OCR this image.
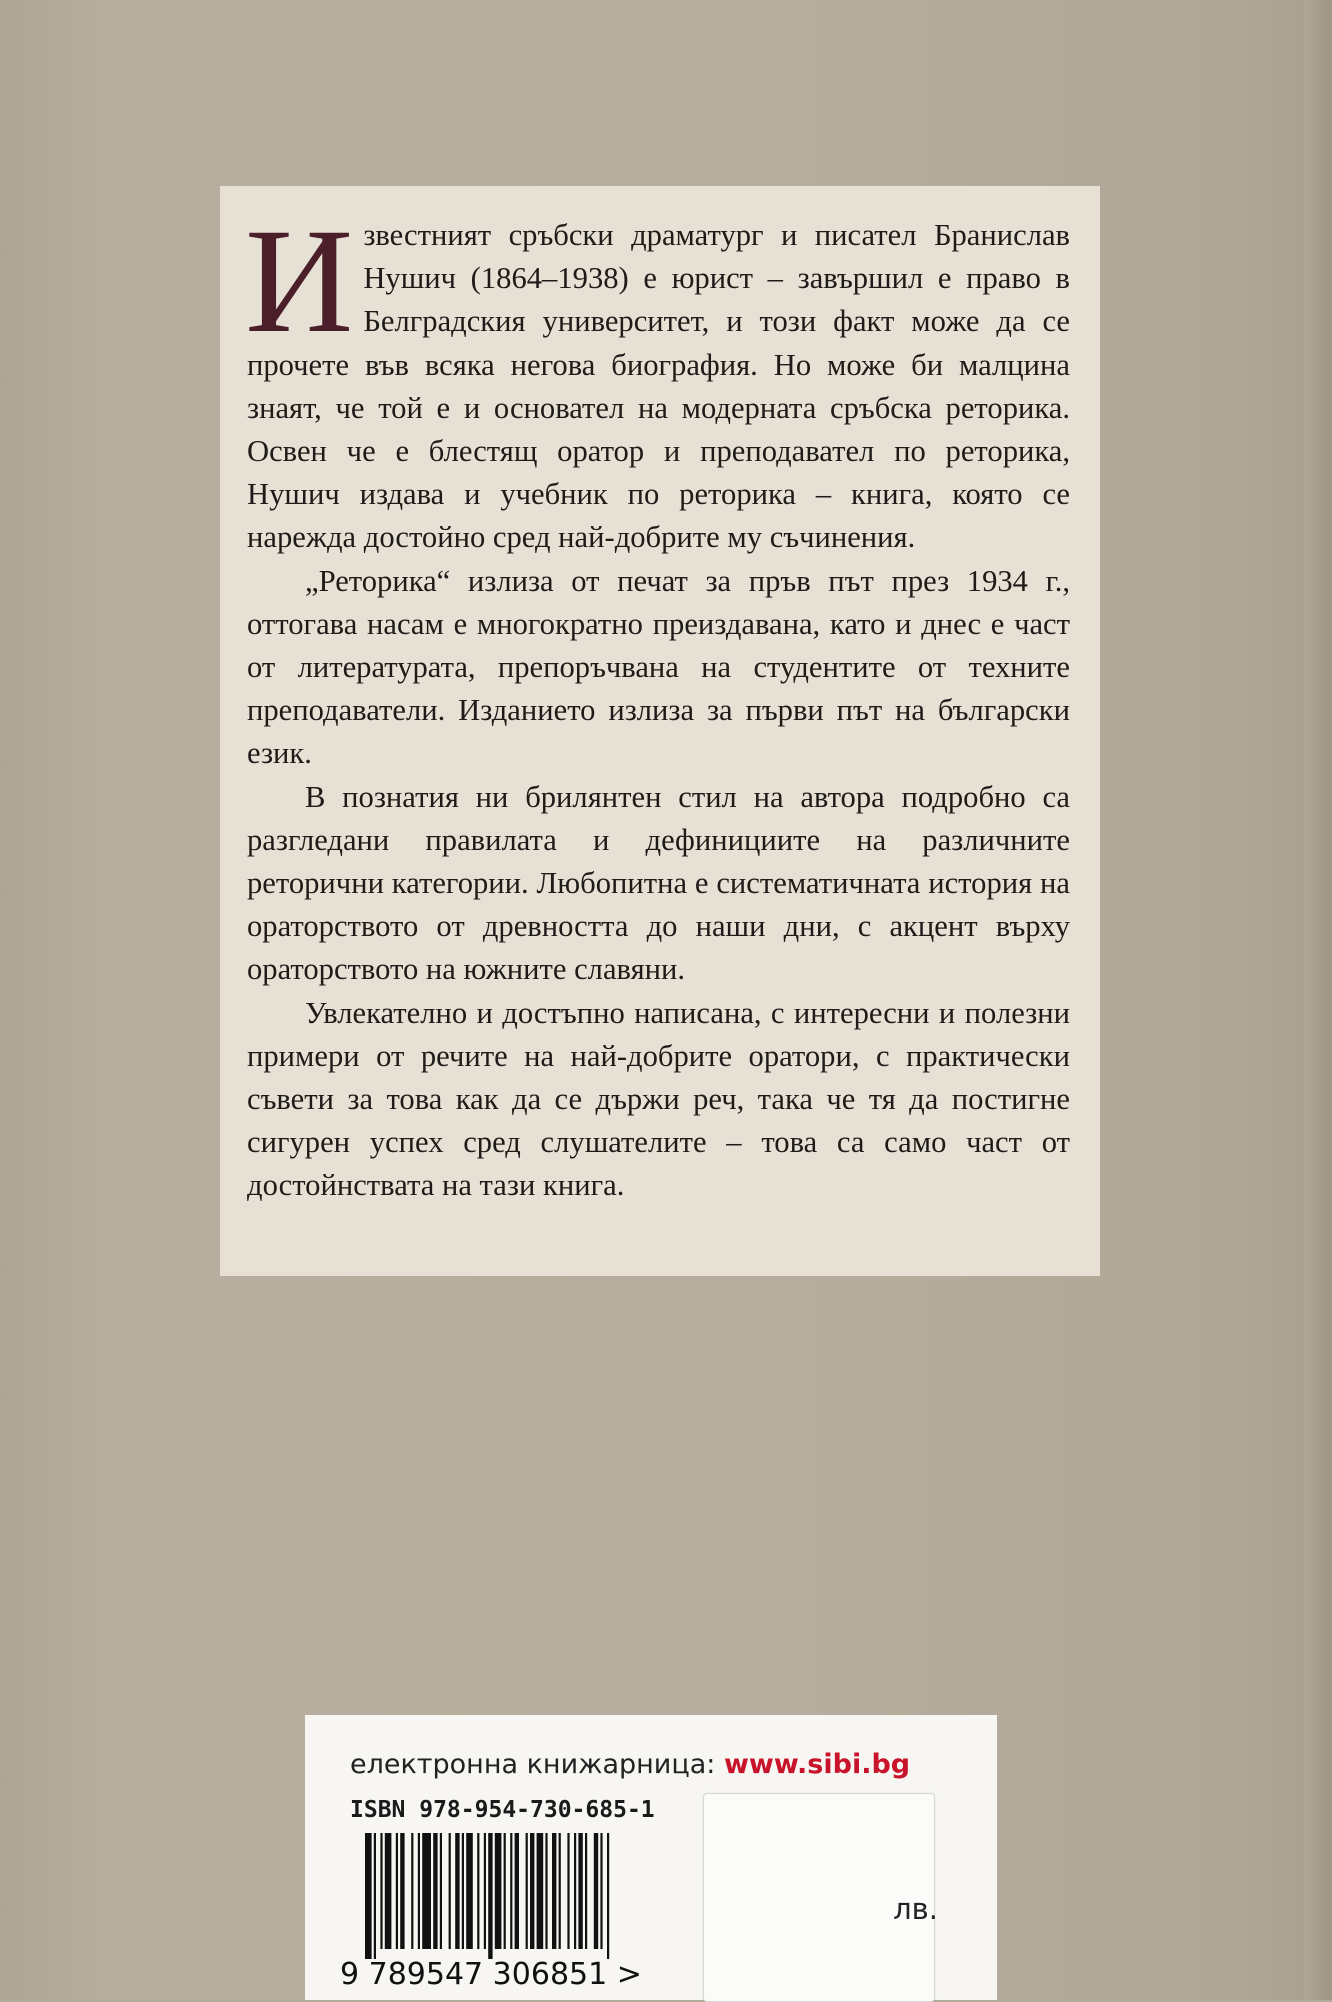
И звестният сръбски драматург и писател Бранислав Нушич (1864–1938) е юрист – завършил е право в Белградския университет, и този факт може да се прочете във всяка негова биография. Но може би малцина знаят, че той е и основател на модерната сръбска реторика. Освен че е блестящ оратор и преподавател по реторика, Нушич издава и учебник по реторика – книга, която се нарежда достойно сред най-добрите му съчинения.

„Реторика“ излиза от печат за пръв път през 1934 г., оттогава насам е многократно преиздавана, като и днес е част от литературата, препоръчвана на студентите от техните преподаватели. Изданието излиза за първи път на български език.

В познатия ни брилянтен стил на автора подробно са разгледани правилата и дефинициите на различните реторични категории. Любопитна е систематичната история на ораторството от древността до наши дни, с акцент върху ораторството на южните славяни.

Увлекателно и достъпно написана, с интересни и полезни примери от речите на най-добрите оратори, с практически съвети за това как да се държи реч, така че тя да постигне сигурен успех сред слушателите – това са само част от достойнствата на тази книга.

електронна книжарница: www.sibi.bg
ISBN 978-954-730-685-1
9 789547 306851 >
лв.
